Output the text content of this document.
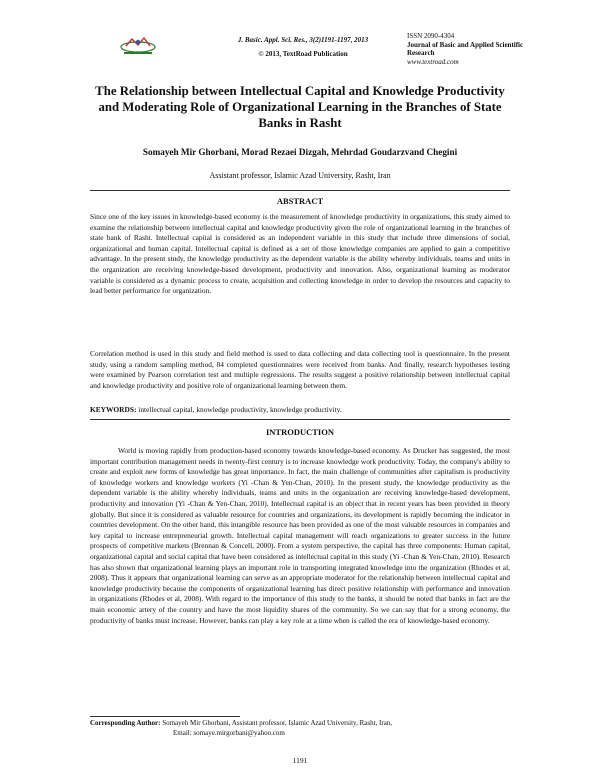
J. Basic. Appl. Sci. Res., 3(2)1191-1197, 2013
© 2013, TextRoad Publication
ISSN 2090-4304
Journal of Basic and Applied Scientific Research
www.textroad.com
The Relationship between Intellectual Capital and Knowledge Productivity and Moderating Role of Organizational Learning in the Branches of State Banks in Rasht
Somayeh Mir Ghorbani, Morad Rezaei Dizgah, Mehrdad Goudarzvand Chegini
Assistant professor, Islamic Azad University, Rasht, Iran
ABSTRACT

Since one of the key issues in knowledge-based economy is the measurement of knowledge productivity in organizations, this study aimed to examine the relationship between intellectual capital and knowledge productivity given the role of organizational learning in the branches of state bank of Rasht. Intellectual capital is considered as an independent variable in this study that include three dimensions of social, organizational and human capital. Intellectual capital is defined as a set of those knowledge companies are applied to gain a competitive advantage. In the present study, the knowledge productivity as the dependent variable is the ability whereby individuals, teams and units in the organization are receiving knowledge-based development, productivity and innovation. Also, organizational learning as moderator variable is considered as a dynamic process to create, acquisition and collecting knowledge in order to develop the resources and capacity to lead better performance for organization.

Correlation method is used in this study and field method is used to data collecting and data collecting tool is questionnaire. In the present study, using a random sampling method, 84 completed questionnaires were received from banks. And finally, research hypotheses testing were examined by Pearson correlation test and multiple regressions. The results suggest a positive relationship between intellectual capital and knowledge productivity and positive role of organizational learning between them.

KEYWORDS: intellectual capital, knowledge productivity, knowledge productivity.
INTRODUCTION

World is moving rapidly from production-based economy towards knowledge-based economy. As Drucker has suggested, the most important contribution management needs in twenty-first century is to increase knowledge work productivity. Today, the company's ability to create and exploit new forms of knowledge has great importance. In fact, the main challenge of communities after capitalism is productivity of knowledge workers and knowledge workers (Yi -Chan & Yen-Chan, 2010). In the present study, the knowledge productivity as the dependent variable is the ability whereby individuals, teams and units in the organization are receiving knowledge-based development, productivity and innovation (Yi -Chan & Yen-Chan, 2010). Intellectual capital is an object that in recent years has been provided in theory globally. But since it is considered as valuable resource for countries and organizations, its development is rapidly becoming the indicator in countries development. On the other hand, this intangible resource has been provided as one of the most valuable resources in companies and key capital to increase entrepreneurial growth. Intellectual capital management will reach organizations to greater success in the future prospects of competitive markets (Brennan & Concell, 2000). From a system perspective, the capital has three components: Human capital, organizational capital and social capital that have been considered as intellectual capital in this study (Yi -Chan & Yen-Chan, 2010). Research has also shown that organizational learning plays an important role in transporting integrated knowledge into the organization (Rhodes et al, 2008). Thus it appears that organizational learning can serve as an appropriate moderator for the relationship between intellectual capital and knowledge productivity because the components of organizational learning has direct positive relationship with performance and innovation in organizations (Rhodes et al, 2008). With regard to the importance of this study to the banks, it should be noted that banks in fact are the main economic artery of the country and have the most liquidity shares of the community. So we can say that for a strong economy, the productivity of banks must increase. However, banks can play a key role at a time when is called the era of knowledge-based economy.

Corresponding Author: Somayeh Mir Ghorbani, Assistant professor, Islamic Azad University, Rasht, Iran,
Email: somaye.mirgorbani@yahoo.com
1191
